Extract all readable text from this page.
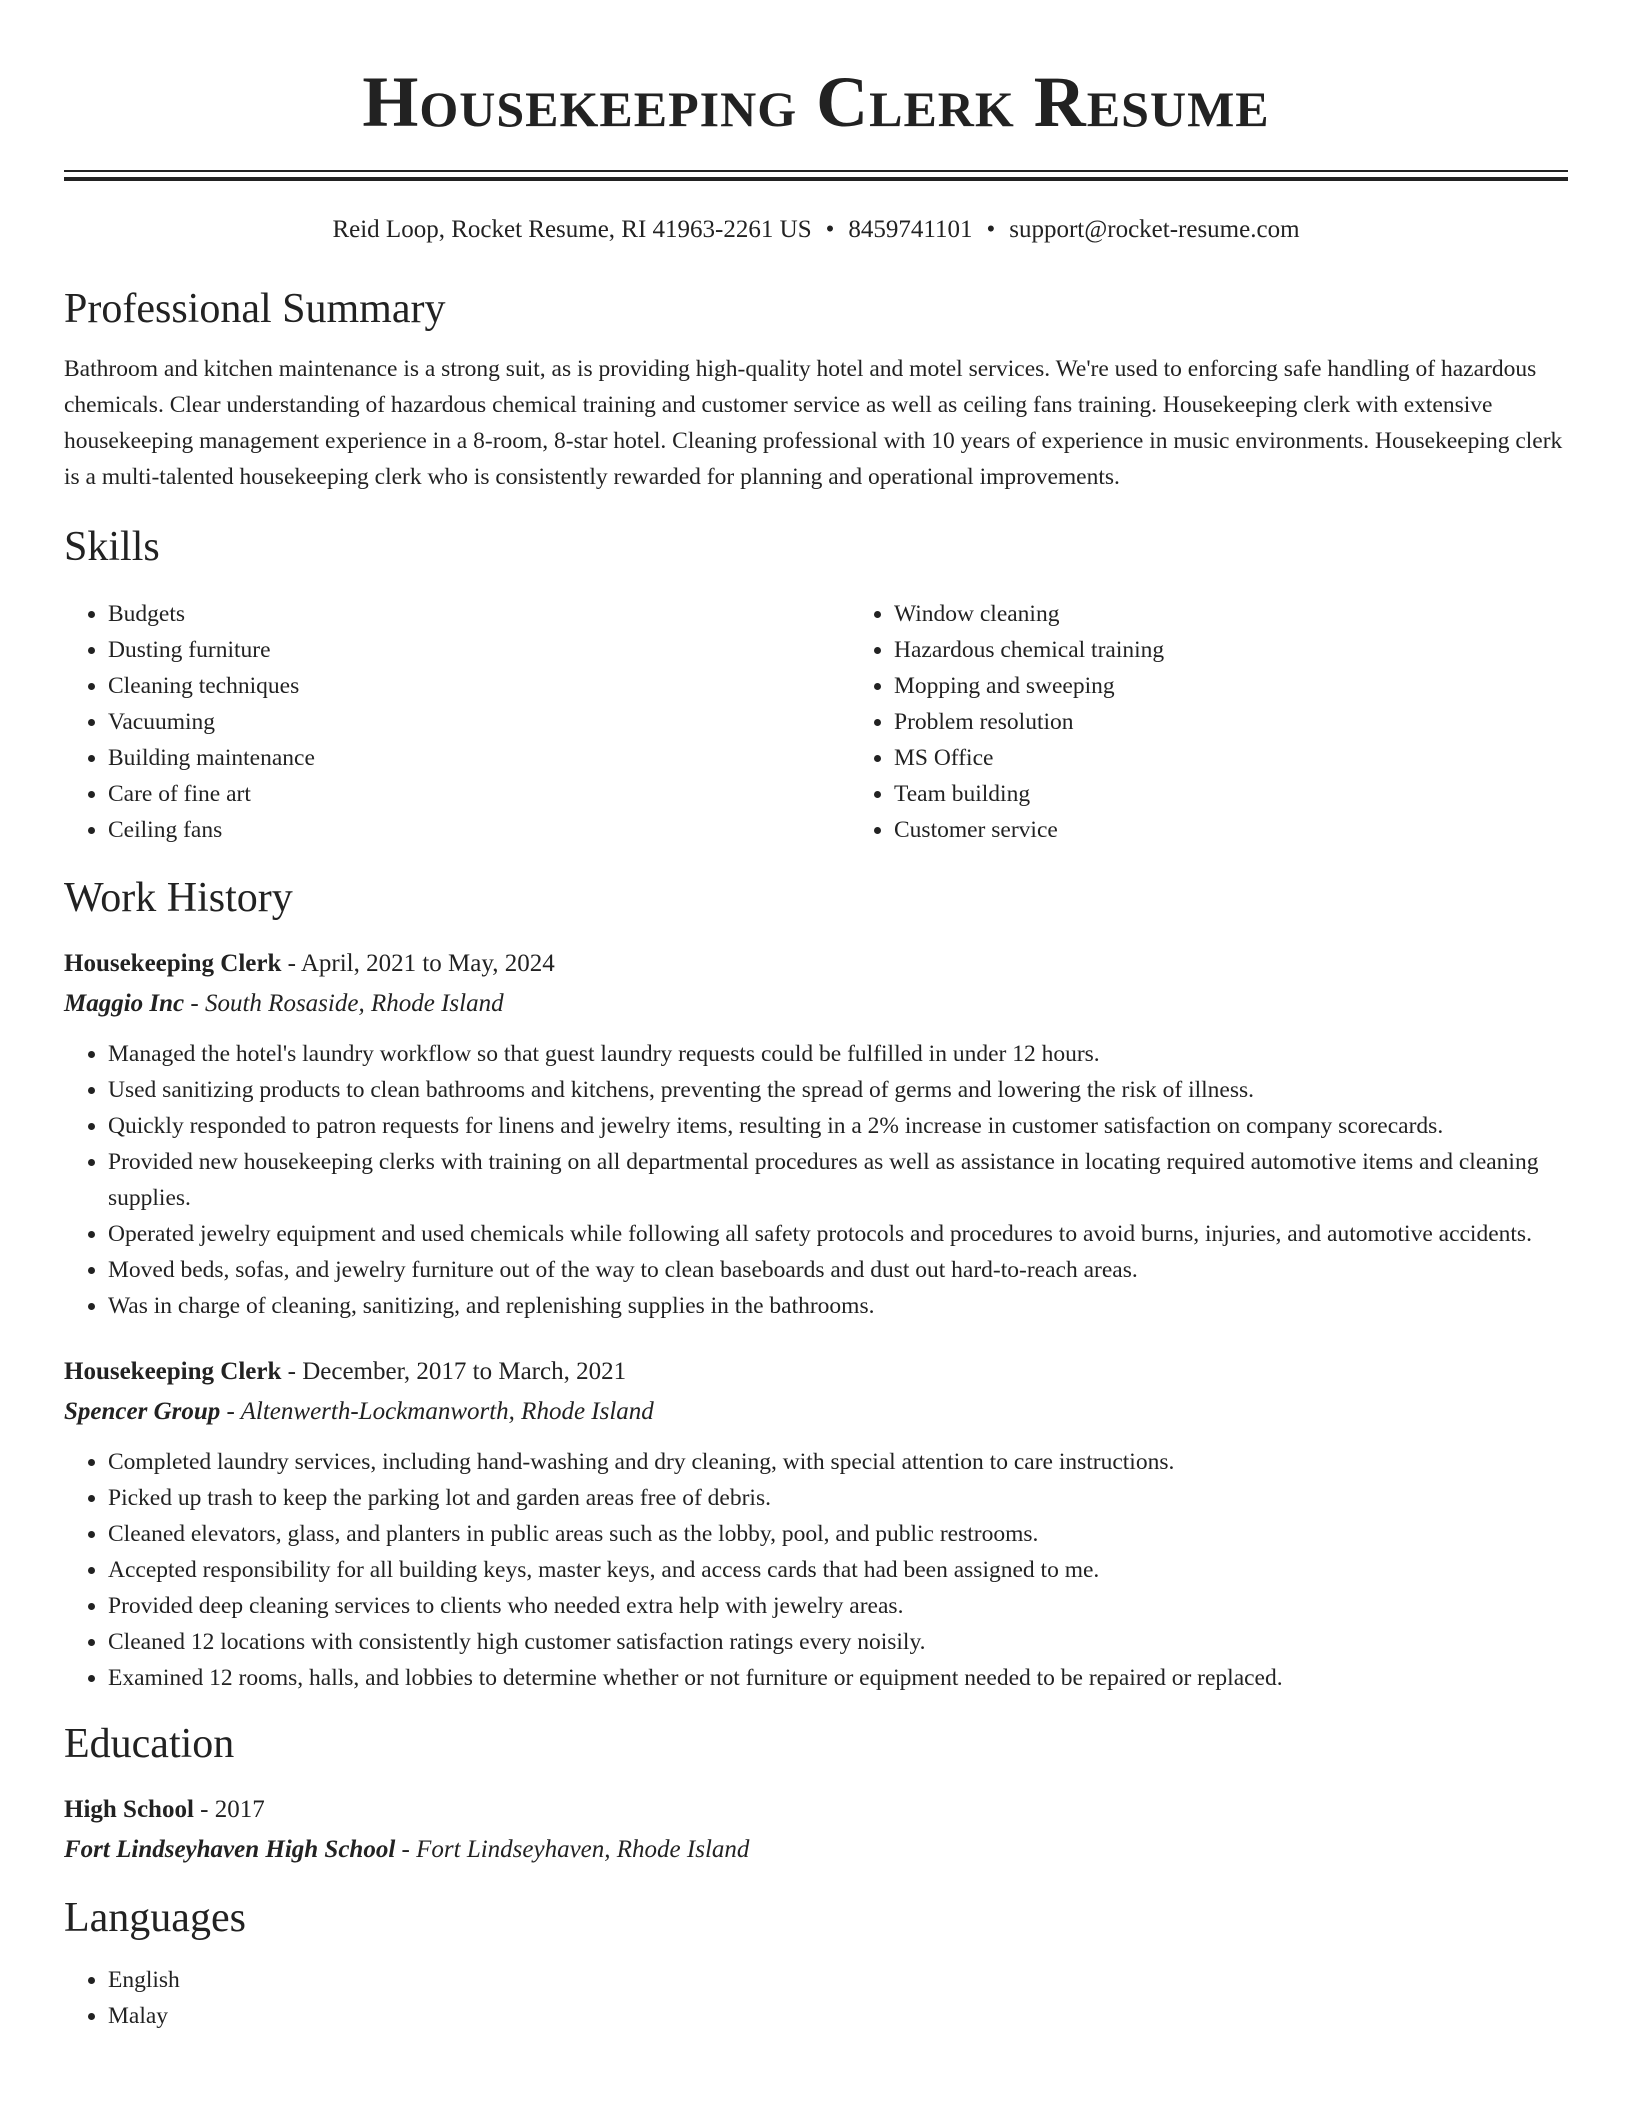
Housekeeping Clerk Resume
Reid Loop, Rocket Resume, RI 41963-2261 US • 8459741101 • support@rocket-resume.com
Professional Summary

Bathroom and kitchen maintenance is a strong suit, as is providing high-quality hotel and motel services. We're used to enforcing safe handling of hazardous chemicals. Clear understanding of hazardous chemical training and customer service as well as ceiling fans training. Housekeeping clerk with extensive housekeeping management experience in a 8-room, 8-star hotel. Cleaning professional with 10 years of experience in music environments. Housekeeping clerk is a multi-talented housekeeping clerk who is consistently rewarded for planning and operational improvements.

Skills
• Budgets
• Dusting furniture
• Cleaning techniques
• Vacuuming
• Building maintenance
• Care of fine art
• Ceiling fans
• Window cleaning
• Hazardous chemical training
• Mopping and sweeping
• Problem resolution
• MS Office
• Team building
• Customer service
Work History
Housekeeping Clerk - April, 2021 to May, 2024
Maggio Inc - South Rosaside, Rhode Island
• Managed the hotel's laundry workflow so that guest laundry requests could be fulfilled in under 12 hours.
• Used sanitizing products to clean bathrooms and kitchens, preventing the spread of germs and lowering the risk of illness.
• Quickly responded to patron requests for linens and jewelry items, resulting in a 2% increase in customer satisfaction on company scorecards.
• Provided new housekeeping clerks with training on all departmental procedures as well as assistance in locating required automotive items and cleaning supplies.
• Operated jewelry equipment and used chemicals while following all safety protocols and procedures to avoid burns, injuries, and automotive accidents.
• Moved beds, sofas, and jewelry furniture out of the way to clean baseboards and dust out hard-to-reach areas.
• Was in charge of cleaning, sanitizing, and replenishing supplies in the bathrooms.
Housekeeping Clerk - December, 2017 to March, 2021
Spencer Group - Altenwerth-Lockmanworth, Rhode Island
• Completed laundry services, including hand-washing and dry cleaning, with special attention to care instructions.
• Picked up trash to keep the parking lot and garden areas free of debris.
• Cleaned elevators, glass, and planters in public areas such as the lobby, pool, and public restrooms.
• Accepted responsibility for all building keys, master keys, and access cards that had been assigned to me.
• Provided deep cleaning services to clients who needed extra help with jewelry areas.
• Cleaned 12 locations with consistently high customer satisfaction ratings every noisily.
• Examined 12 rooms, halls, and lobbies to determine whether or not furniture or equipment needed to be repaired or replaced.
Education
High School - 2017
Fort Lindseyhaven High School - Fort Lindseyhaven, Rhode Island
Languages
• English
• Malay
